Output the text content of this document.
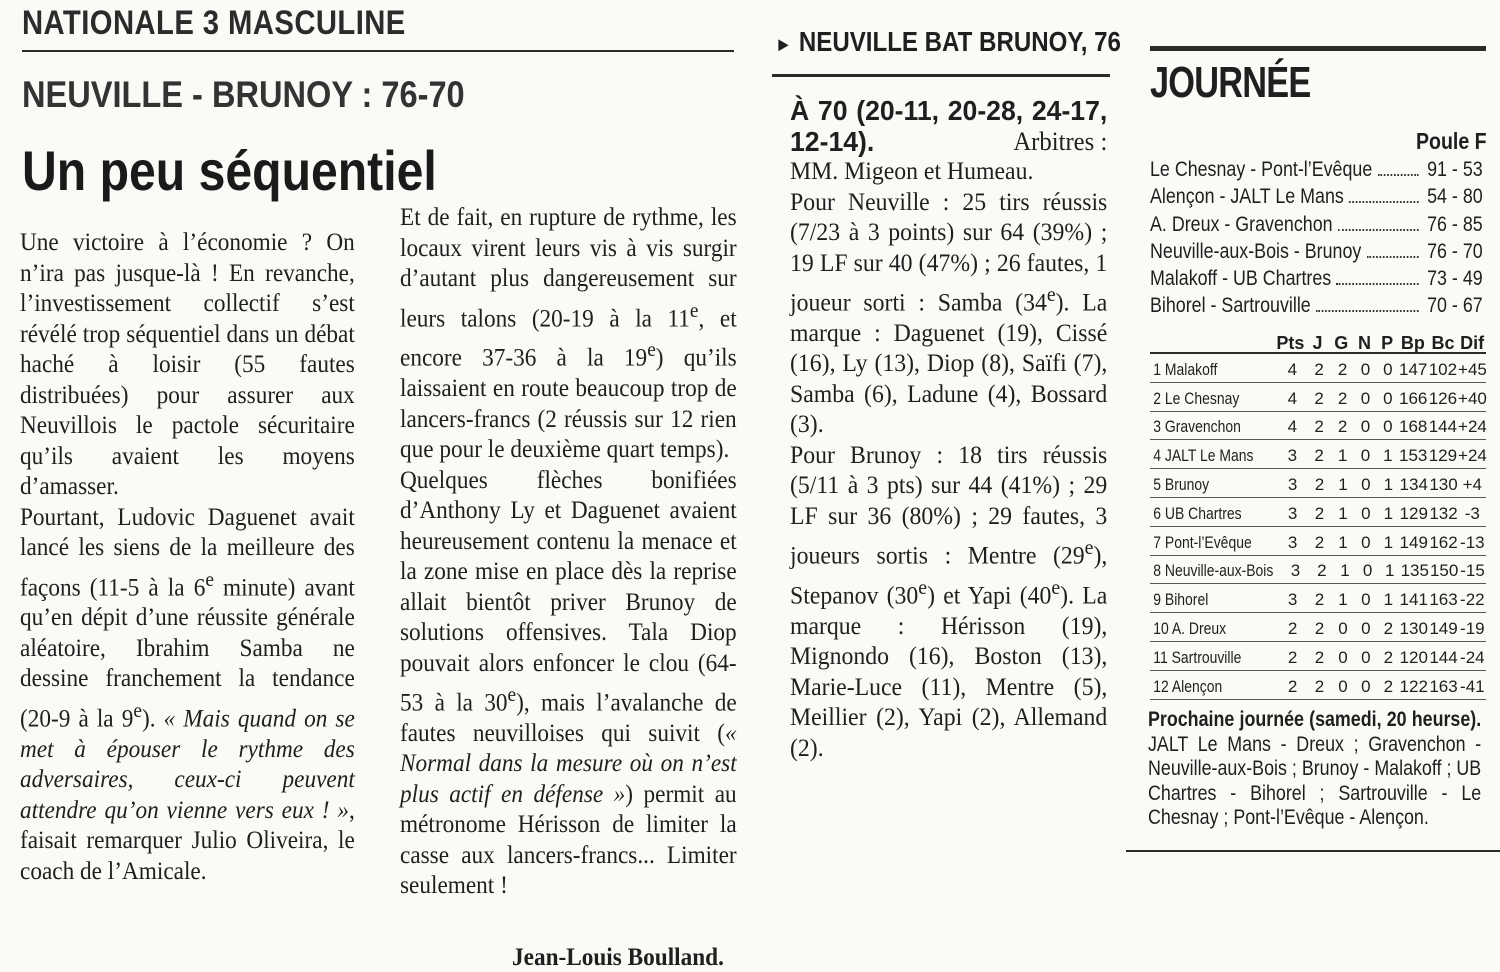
NATIONALE 3 MASCULINE
NEUVILLE - BRUNOY : 76-70
Un peu séquentiel

Une victoire à l’économie ? On n’ira pas jusque-là ! En revanche, l’investissement collectif s’est révélé trop séquentiel dans un débat haché à loisir (55 fautes distribuées) pour assurer aux Neuvillois le pactole sécuritaire qu’ils avaient les moyens d’amasser.

Pourtant, Ludovic Daguenet avait lancé les siens de la meilleure des façons (11-5 à la 6e minute) avant qu’en dépit d’une réussite générale aléatoire, Ibrahim Samba ne dessine franchement la tendance (20-9 à la 9e). « Mais quand on se met à épouser le rythme des adversaires, ceux-ci peuvent attendre qu’on vienne vers eux ! », faisait remarquer Julio Oliveira, le coach de l’Amicale.

Et de fait, en rupture de rythme, les locaux virent leurs vis à vis surgir d’autant plus dangereusement sur leurs talons (20-19 à la 11e, et encore 37-36 à la 19e) qu’ils laissaient en route beaucoup trop de lancers-francs (2 réussis sur 12 rien que pour le deuxième quart temps).

Quelques flèches bonifiées d’Anthony Ly et Daguenet avaient heureusement contenu la menace et la zone mise en place dès la reprise allait bientôt priver Brunoy de solutions offensives. Tala Diop pouvait alors enfoncer le clou (64-53 à la 30e), mais l’avalanche de fautes neuvilloises qui suivit (« Normal dans la mesure où on n’est plus actif en défense ») permit au métronome Hérisson de limiter la casse aux lancers-francs... Limiter seulement !

Jean-Louis Boulland.
► NEUVILLE BAT BRUNOY, 76
À 70 (20-11, 20-28, 24-17, 12-14).	Arbitres :
MM. Migeon et Humeau.
Pour Neuville : 25 tirs réussis (7/23 à 3 points) sur 64 (39%) ; 19 LF sur 40 (47%) ; 26 fautes, 1 joueur sorti : Samba (34e). La marque : Daguenet (19), Cissé (16), Ly (13), Diop (8), Saïfi (7), Samba (6), Ladune (4), Bossard (3).
Pour Brunoy : 18 tirs réussis (5/11 à 3 pts) sur 44 (41%) ; 29 LF sur 36 (80%) ; 29 fautes, 3 joueurs sortis : Mentre (29e), Stepanov (30e) et Yapi (40e). La marque : Hérisson (19), Mignondo (16), Boston (13), Marie-Luce (11), Mentre (5), Meillier (2), Yapi (2), Allemand (2).
JOURNÉE
Poule F
Le Chesnay - Pont-l’Evêque	91 - 53
Alençon - JALT Le Mans	54 - 80
A. Dreux - Gravenchon	76 - 85
Neuville-aux-Bois - Brunoy	76 - 70
Malakoff - UB Chartres	73 - 49
Bihorel - Sartrouville	70 - 67
Pts J G N P Bp Bc Dif
1 Malakoff	4	2 2 0 0 147 102 +45
2 Le Chesnay	4	2 2 0 0 166 126 +40
3 Gravenchon	4	2 2 0 0 168 144 +24
4 JALT Le Mans	3	2 1 0 1 153 129 +24
5 Brunoy	3	2 1 0 1 134 130 +4
6 UB Chartres	3	2 1 0 1 129 132 -3
7 Pont-l’Evêque	3	2 1 0 1 149 162 -13
8 Neuville-aux-Bois	3	2 1 0 1 135 150 -15
9 Bihorel	3	2 1 0 1 141 163 -22
10 A. Dreux	2	2 0 0 2 130 149 -19
11 Sartrouville	2	2 0 0 2 120 144 -24
12 Alençon	2	2 0 0 2 122 163 -41
Prochaine journée (samedi, 20 heurse). JALT Le Mans - Dreux ; Gravenchon - Neuville-aux-Bois ; Brunoy - Malakoff ; UB Chartres - Bihorel ; Sartrouville - Le Chesnay ; Pont-l’Evêque - Alençon.
